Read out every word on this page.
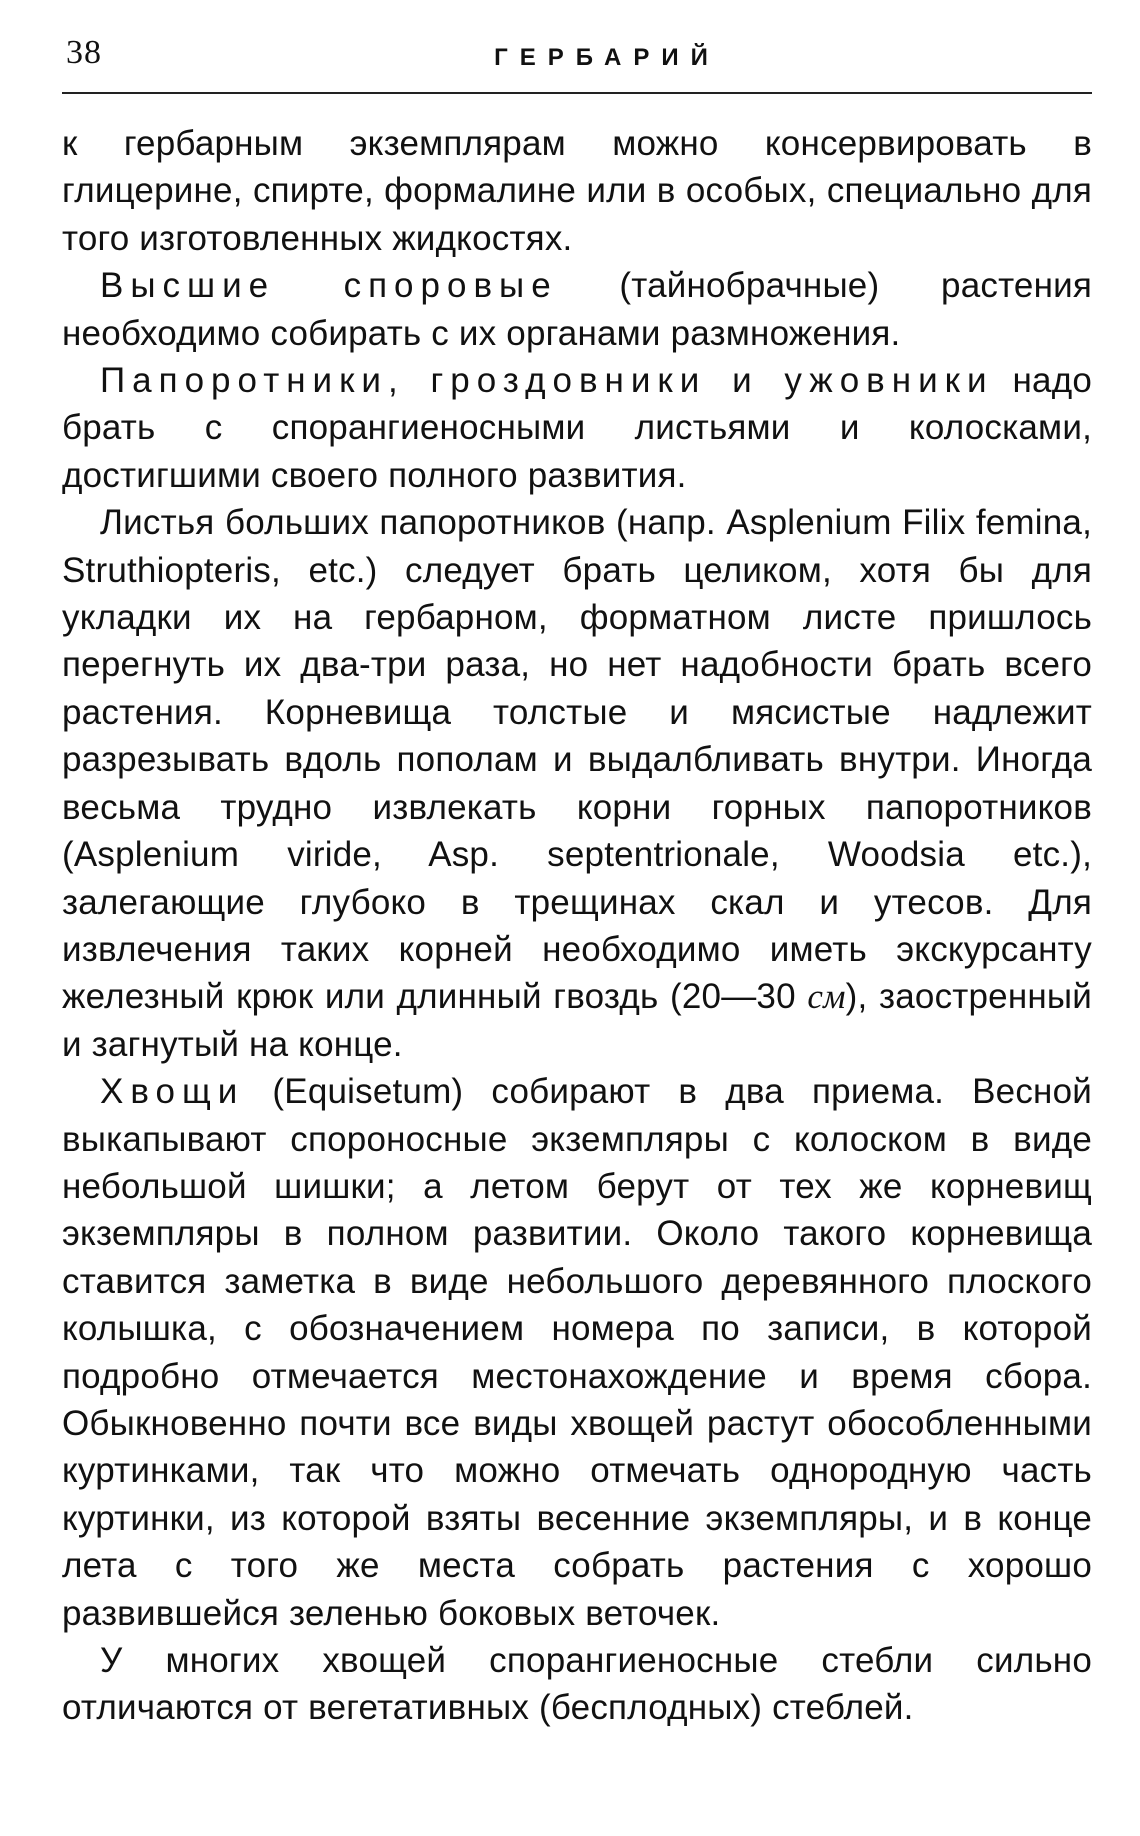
38	ГЕРБАРИЙ

к гербарным экземплярам можно консервировать в глицерине, спирте, формалине или в особых, специально для того изготовленных жидкостях.

Высшие споровые (тайнобрачные) растения необходимо собирать с их органами размножения.

Папоротники, гроздовники и ужовники надо брать с спорангиеносными листьями и колосками, достигшими своего полного развития.

Листья больших папоротников (напр. Asplenium Filix femina, Struthiopteris, etc.) следует брать целиком, хотя бы для укладки их на гербарном, форматном листе пришлось перегнуть их два-три раза, но нет надобности брать всего растения. Корневища толстые и мясистые надлежит разрезывать вдоль пополам и выдалбливать внутри. Иногда весьма трудно извлекать корни горных папоротников (Asplenium viride, Asp. septentrionale, Woodsia etc.), залегающие глубоко в трещинах скал и утесов. Для извлечения таких корней необходимо иметь экскурсанту железный крюк или длинный гвоздь (20—30 см), заостренный и загнутый на конце.

Хвощи (Equisetum) собирают в два приема. Весной выкапывают спороносные экземпляры с колоском в виде небольшой шишки; а летом берут от тех же корневищ экземпляры в полном развитии. Около такого корневища ставится заметка в виде небольшого деревянного плоского колышка, с обозначением номера по записи, в которой подробно отмечается местонахождение и время сбора. Обыкновенно почти все виды хвощей растут обособленными куртинками, так что можно отмечать однородную часть куртинки, из которой взяты весенние экземпляры, и в конце лета с того же места собрать растения с хорошо развившейся зеленью боковых веточек.

У многих хвощей спорангиеносные стебли сильно отличаются от вегетативных (бесплодных) стеблей.
